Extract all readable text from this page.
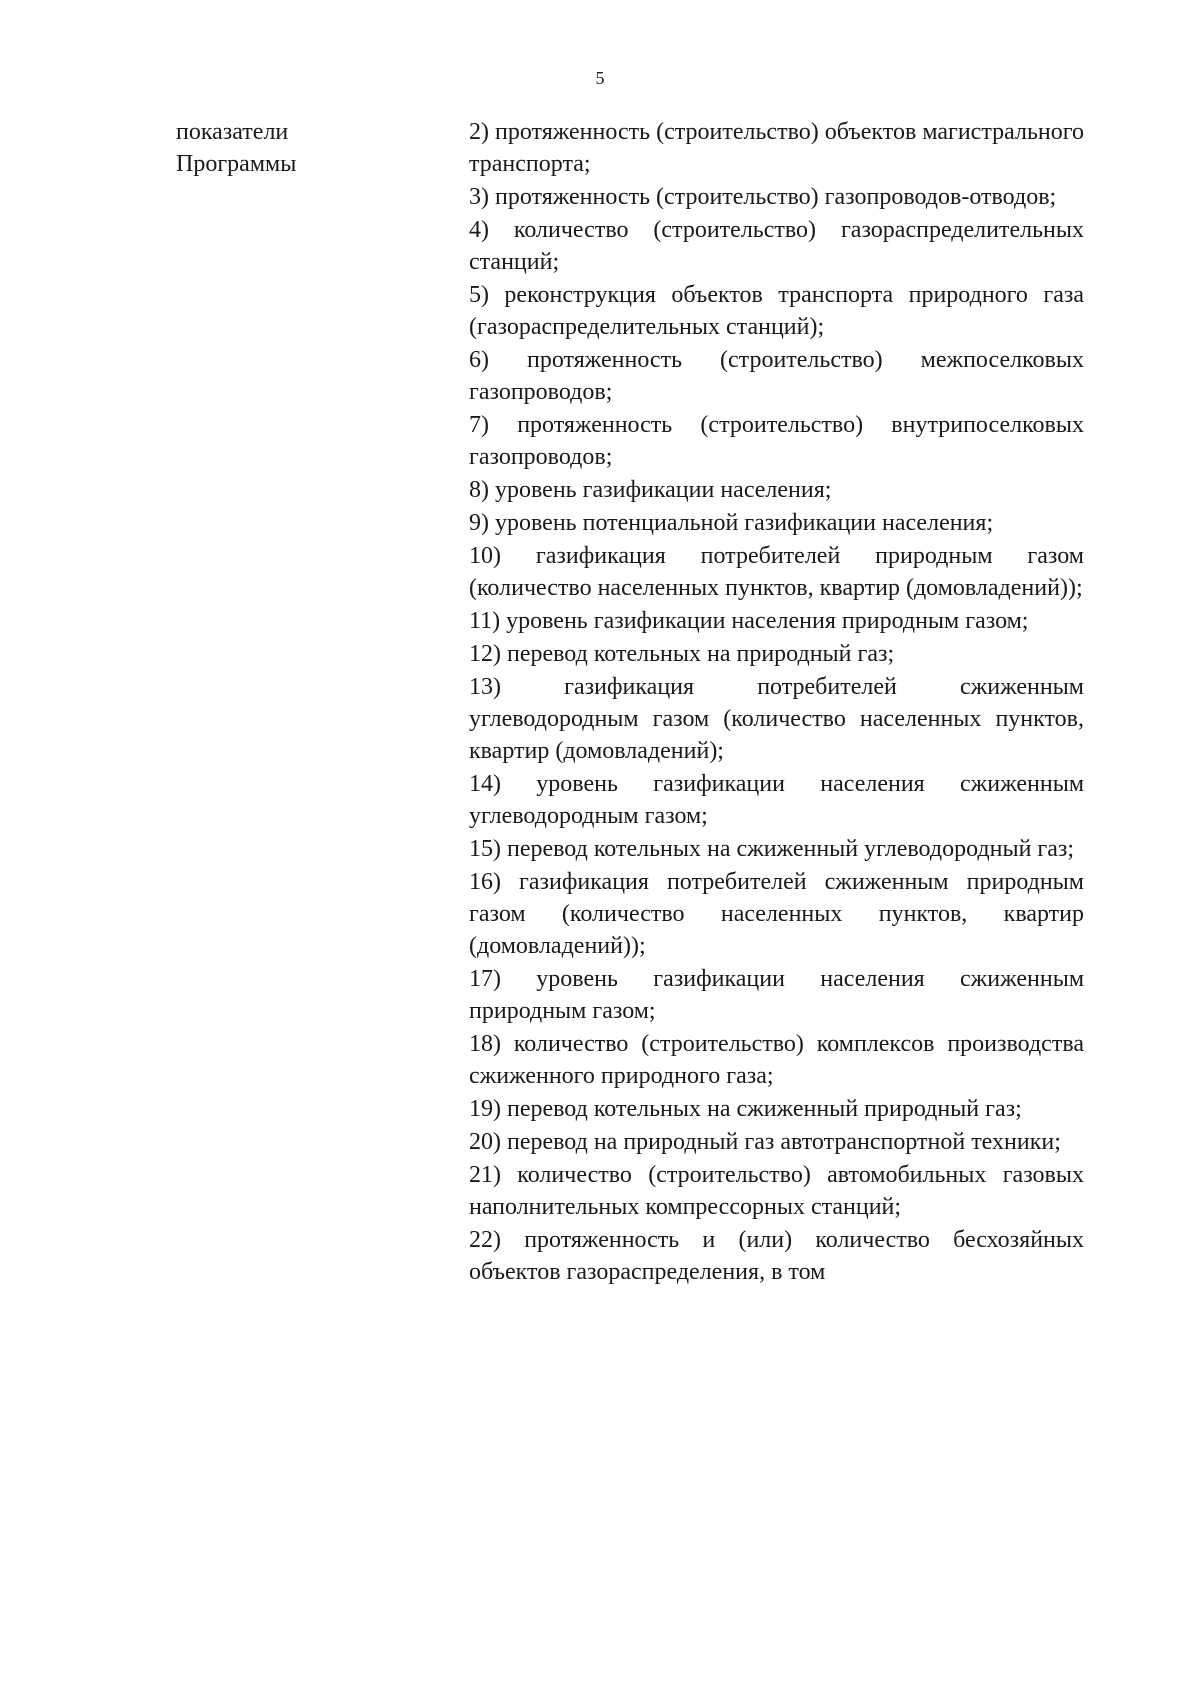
5
показатели
Программы
2) протяженность (строительство) объектов магистрального транспорта;
3) протяженность (строительство) газопроводов-отводов;
4) количество (строительство) газораспределительных станций;
5) реконструкция объектов транспорта природного газа (газораспределительных станций);
6) протяженность (строительство) межпоселковых газопроводов;
7) протяженность (строительство) внутрипоселковых газопроводов;
8) уровень газификации населения;
9) уровень потенциальной газификации населения;
10) газификация потребителей природным газом (количество населенных пунктов, квартир (домовладений));
11) уровень газификации населения природным газом;
12) перевод котельных на природный газ;
13) газификация потребителей сжиженным углеводородным газом (количество населенных пунктов, квартир (домовладений);
14) уровень газификации населения сжиженным углеводородным газом;
15) перевод котельных на сжиженный углеводородный газ;
16) газификация потребителей сжиженным природным газом (количество населенных пунктов, квартир (домовладений));
17) уровень газификации населения сжиженным природным газом;
18) количество (строительство) комплексов производства сжиженного природного газа;
19) перевод котельных на сжиженный природный газ;
20) перевод на природный газ автотранспортной техники;
21) количество (строительство) автомобильных газовых наполнительных компрессорных станций;
22) протяженность и (или) количество бесхозяйных объектов газораспределения, в том
